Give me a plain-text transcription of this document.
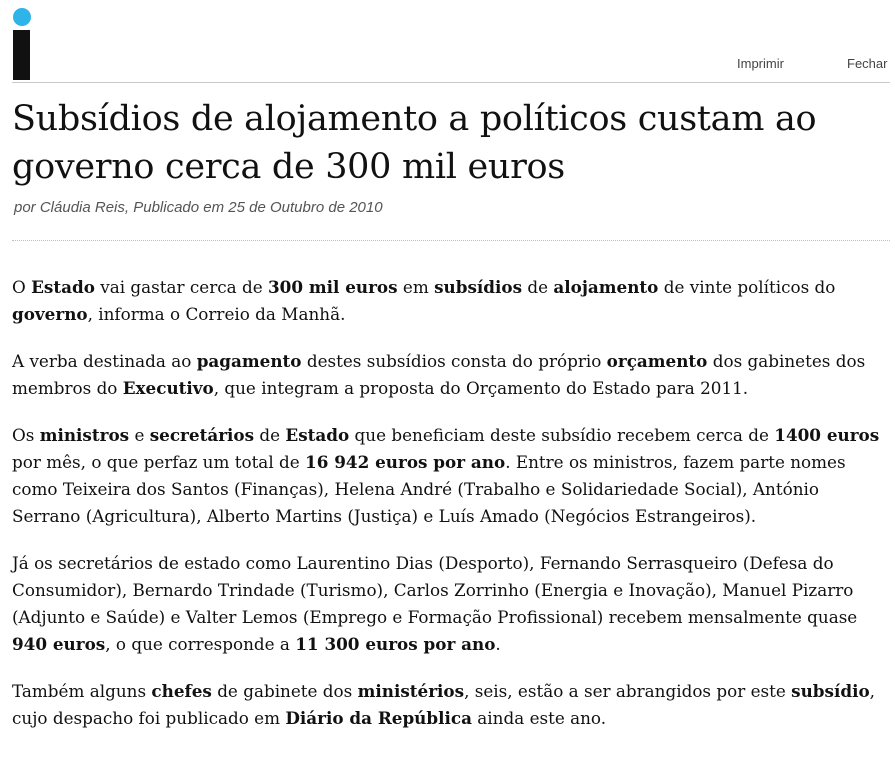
Imprimir	Fechar
Subsídios de alojamento a políticos custam ao governo cerca de 300 mil euros

por Cláudia Reis, Publicado em 25 de Outubro de 2010

O Estado vai gastar cerca de 300 mil euros em subsídios de alojamento de vinte políticos do governo, informa o Correio da Manhã.

A verba destinada ao pagamento destes subsídios consta do próprio orçamento dos gabinetes dos membros do Executivo, que integram a proposta do Orçamento do Estado para 2011.

Os ministros e secretários de Estado que beneficiam deste subsídio recebem cerca de 1400 euros por mês, o que perfaz um total de 16 942 euros por ano. Entre os ministros, fazem parte nomes como Teixeira dos Santos (Finanças), Helena André (Trabalho e Solidariedade Social), António Serrano (Agricultura), Alberto Martins (Justiça) e Luís Amado (Negócios Estrangeiros).

Já os secretários de estado como Laurentino Dias (Desporto), Fernando Serrasqueiro (Defesa do Consumidor), Bernardo Trindade (Turismo), Carlos Zorrinho (Energia e Inovação), Manuel Pizarro (Adjunto e Saúde) e Valter Lemos (Emprego e Formação Profissional) recebem mensalmente quase 940 euros, o que corresponde a 11 300 euros por ano.

Também alguns chefes de gabinete dos ministérios, seis, estão a ser abrangidos por este subsídio, cujo despacho foi publicado em Diário da República ainda este ano.
